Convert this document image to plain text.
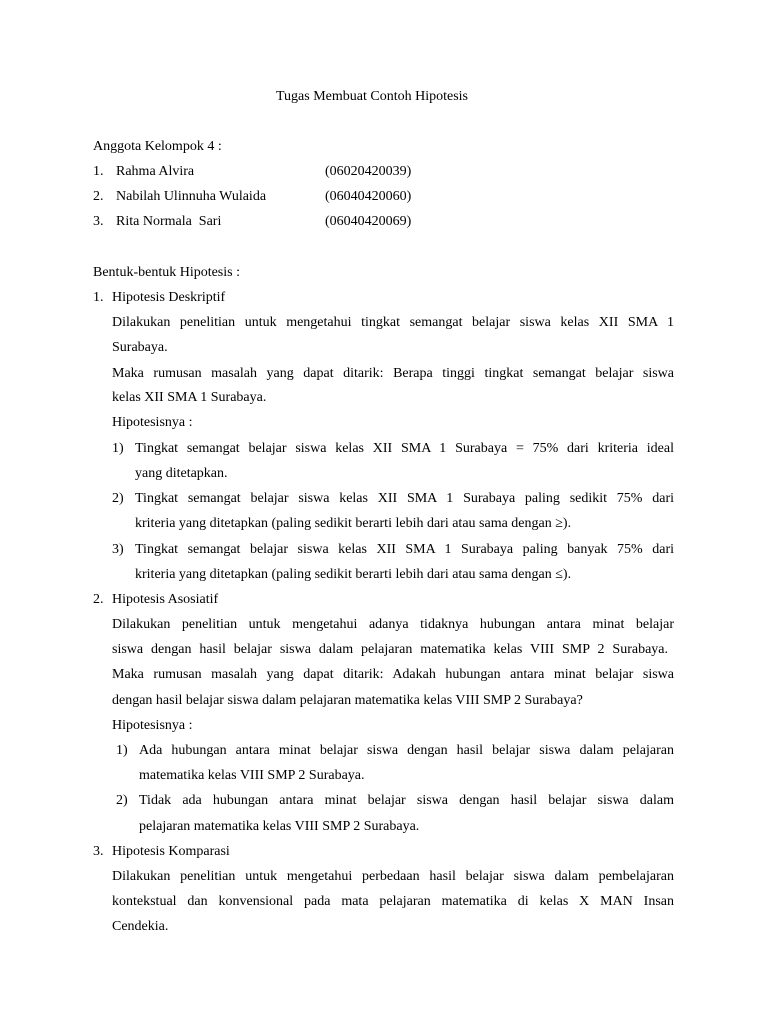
Tugas Membuat Contoh Hipotesis
Anggota Kelompok 4 :
1. Rahma Alvira	(06020420039)
2. Nabilah Ulinnuha Wulaida	(06040420060)
3. Rita Normala  Sari	(06040420069)
Bentuk-bentuk Hipotesis :
1. Hipotesis Deskriptif
Dilakukan penelitian untuk mengetahui tingkat semangat belajar siswa kelas XII SMA 1
Surabaya.
Maka rumusan masalah yang dapat ditarik: Berapa tinggi tingkat semangat belajar siswa
kelas XII SMA 1 Surabaya.
Hipotesisnya :
1) Tingkat semangat belajar siswa kelas XII SMA 1 Surabaya = 75% dari kriteria ideal
yang ditetapkan.
2) Tingkat semangat belajar siswa kelas XII SMA 1 Surabaya paling sedikit 75% dari
kriteria yang ditetapkan (paling sedikit berarti lebih dari atau sama dengan ≥).
3) Tingkat semangat belajar siswa kelas XII SMA 1 Surabaya paling banyak 75% dari
kriteria yang ditetapkan (paling sedikit berarti lebih dari atau sama dengan ≤).
2. Hipotesis Asosiatif
Dilakukan penelitian untuk mengetahui adanya tidaknya hubungan antara minat belajar
siswa dengan hasil belajar siswa dalam pelajaran matematika kelas VIII SMP 2 Surabaya.
Maka rumusan masalah yang dapat ditarik: Adakah hubungan antara minat belajar siswa
dengan hasil belajar siswa dalam pelajaran matematika kelas VIII SMP 2 Surabaya?
Hipotesisnya :
1) Ada hubungan antara minat belajar siswa dengan hasil belajar siswa dalam pelajaran
matematika kelas VIII SMP 2 Surabaya.
2) Tidak ada hubungan antara minat belajar siswa dengan hasil belajar siswa dalam
pelajaran matematika kelas VIII SMP 2 Surabaya.
3. Hipotesis Komparasi
Dilakukan penelitian untuk mengetahui perbedaan hasil belajar siswa dalam pembelajaran
kontekstual dan konvensional pada mata pelajaran matematika di kelas X MAN Insan
Cendekia.
